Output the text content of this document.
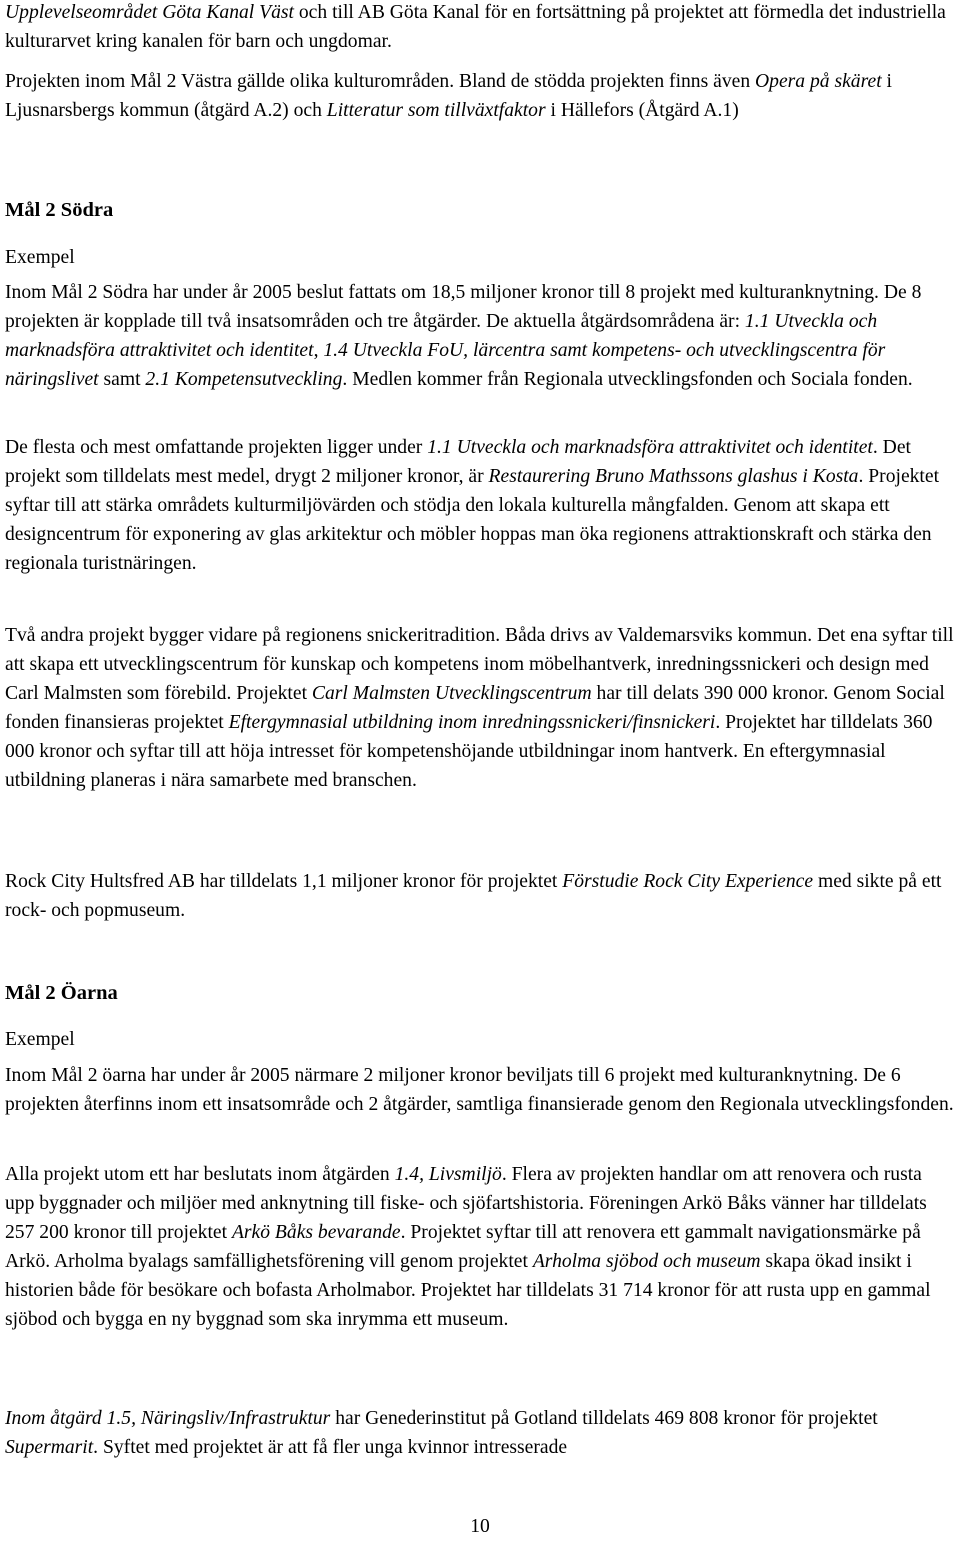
Upplevelseområdet Göta Kanal Väst och till AB Göta Kanal för en fortsättning på projektet att förmedla det industriella kulturarvet kring kanalen för barn och ungdomar.

Projekten inom Mål 2 Västra gällde olika kulturområden. Bland de stödda projekten finns även Opera på skäret i Ljusnarsbergs kommun (åtgärd A.2) och Litteratur som tillväxtfaktor i Hällefors (Åtgärd A.1)

Mål 2 Södra

Exempel

Inom Mål 2 Södra har under år 2005 beslut fattats om 18,5 miljoner kronor till 8 projekt med kulturanknytning. De 8 projekten är kopplade till två insatsområden och tre åtgärder. De aktuella åtgärdsområdena är: 1.1 Utveckla och marknadsföra attraktivitet och identitet, 1.4 Utveckla FoU, lärcentra samt kompetens- och utvecklingscentra för näringslivet samt 2.1 Kompetensutveckling. Medlen kommer från Regionala utvecklingsfonden och Sociala fonden.

De flesta och mest omfattande projekten ligger under 1.1 Utveckla och marknadsföra attraktivitet och identitet. Det projekt som tilldelats mest medel, drygt 2 miljoner kronor, är Restaurering Bruno Mathssons glashus i Kosta. Projektet syftar till att stärka områdets kulturmiljövärden och stödja den lokala kulturella mångfalden. Genom att skapa ett designcentrum för exponering av glas arkitektur och möbler hoppas man öka regionens attraktionskraft och stärka den regionala turistnäringen.

Två andra projekt bygger vidare på regionens snickeritradition. Båda drivs av Valdemarsviks kommun. Det ena syftar till att skapa ett utvecklingscentrum för kunskap och kompetens inom möbelhantverk, inredningssnickeri och design med Carl Malmsten som förebild. Projektet Carl Malmsten Utvecklingscentrum har till delats 390 000 kronor. Genom Social fonden finansieras projektet Eftergymnasial utbildning inom inredningssnickeri/finsnickeri. Projektet har tilldelats 360 000 kronor och syftar till att höja intresset för kompetenshöjande utbildningar inom hantverk. En eftergymnasial utbildning planeras i nära samarbete med branschen.

Rock City Hultsfred AB har tilldelats 1,1 miljoner kronor för projektet Förstudie Rock City Experience med sikte på ett rock- och popmuseum.

Mål 2 Öarna

Exempel

Inom Mål 2 öarna har under år 2005 närmare 2 miljoner kronor beviljats till 6 projekt med kulturanknytning. De 6 projekten återfinns inom ett insatsområde och 2 åtgärder, samtliga finansierade genom den Regionala utvecklingsfonden.

Alla projekt utom ett har beslutats inom åtgärden 1.4, Livsmiljö. Flera av projekten handlar om att renovera och rusta upp byggnader och miljöer med anknytning till fiske- och sjöfartshistoria. Föreningen Arkö Båks vänner har tilldelats 257 200 kronor till projektet Arkö Båks bevarande. Projektet syftar till att renovera ett gammalt navigationsmärke på Arkö. Arholma byalags samfällighetsförening vill genom projektet Arholma sjöbod och museum skapa ökad insikt i historien både för besökare och bofasta Arholmabor. Projektet har tilldelats 31 714 kronor för att rusta upp en gammal sjöbod och bygga en ny byggnad som ska inrymma ett museum.

Inom åtgärd 1.5, Näringsliv/Infrastruktur har Genederinstitut på Gotland tilldelats 469 808 kronor för projektet Supermarit. Syftet med projektet är att få fler unga kvinnor intresserade

10
